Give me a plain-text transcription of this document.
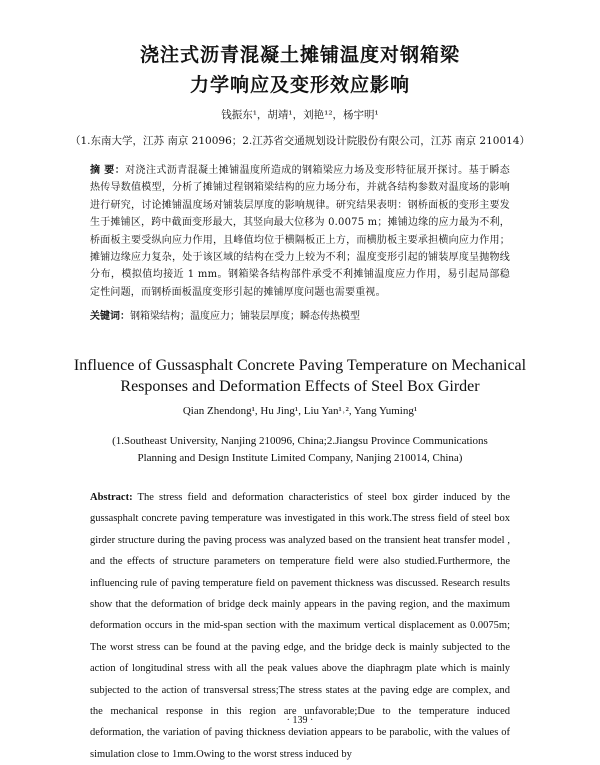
浇注式沥青混凝土摊铺温度对钢箱梁
力学响应及变形效应影响
钱振东¹，胡靖¹，刘艳¹²，杨宇明¹
（1.东南大学，江苏 南京 210096；2.江苏省交通规划设计院股份有限公司，江苏 南京 210014）
摘 要：对浇注式沥青混凝土摊铺温度所造成的钢箱梁应力场及变形特征展开探讨。基于瞬态热传导数值模型，分析了摊铺过程钢箱梁结构的应力场分布，并就各结构参数对温度场的影响进行研究，讨论摊铺温度场对铺装层厚度的影响规律。研究结果表明：钢桥面板的变形主要发生于摊铺区，跨中截面变形最大，其竖向最大位移为 0.0075 m；摊铺边缘的应力最为不利，桥面板主要受纵向应力作用，且峰值均位于横隔板正上方，而横肋板主要承担横向应力作用；摊铺边缘应力复杂，处于该区域的结构在受力上较为不利；温度变形引起的铺装厚度呈抛物线分布，模拟值均接近 1 mm。钢箱梁各结构部件承受不利摊铺温度应力作用，易引起局部稳定性问题，而钢桥面板温度变形引起的摊铺厚度问题也需要重视。
关键词：钢箱梁结构；温度应力；铺装层厚度；瞬态传热模型
Influence of Gussasphalt Concrete Paving Temperature on Mechanical
Responses and Deformation Effects of Steel Box Girder
Qian Zhendong¹, Hu Jing¹, Liu Yan¹˒², Yang Yuming¹
(1.Southeast University, Nanjing 210096, China;2.Jiangsu Province Communications
Planning and Design Institute Limited Company, Nanjing 210014, China)
Abstract: The stress field and deformation characteristics of steel box girder induced by the gussasphalt concrete paving temperature was investigated in this work.The stress field of steel box girder structure during the paving process was analyzed based on the transient heat transfer model , and the effects of structure parameters on temperature field were also studied.Furthermore, the influencing rule of paving temperature field on pavement thickness was discussed. Research results show that the deformation of bridge deck mainly appears in the paving region, and the maximum deformation occurs in the mid-span section with the maximum vertical displacement as 0.0075m; The worst stress can be found at the paving edge, and the bridge deck is mainly subjected to the action of longitudinal stress with all the peak values above the diaphragm plate which is mainly subjected to the action of transversal stress;The stress states at the paving edge are complex, and the mechanical response in this region are unfavorable;Due to the temperature induced deformation, the variation of paving thickness deviation appears to be parabolic, with the values of simulation close to 1mm.Owing to the worst stress induced by
· 139 ·
